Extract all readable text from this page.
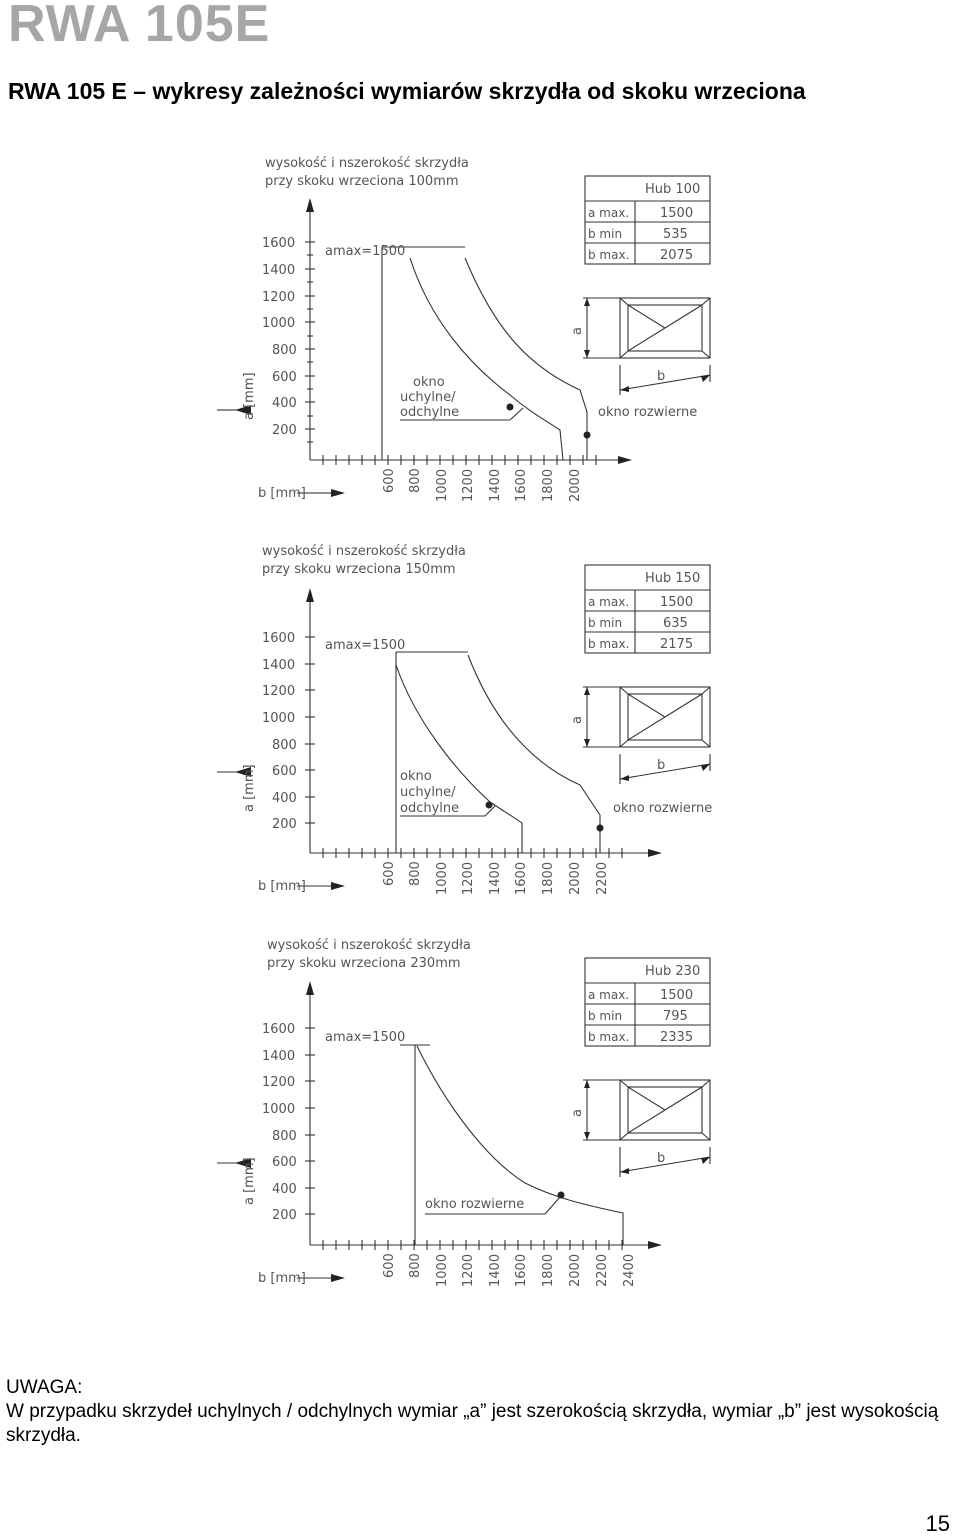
RWA 105E
RWA 105 E – wykresy zależności wymiarów skrzydła od skoku wrzeciona
wysokość i nszerokość skrzydła
przy skoku wrzeciona 100mm
a [mm]
b [mm]
amax=1500
1600
1400
1200
1000
800
600
400
200
600 800 1000 1200 1400 1600 1800 2000
okno
uchylne/
odchylne	okno rozwierne
Hub 100
a max. 1500
b min	535
b max. 2075
a
b
wysokość i nszerokość skrzydła
przy skoku wrzeciona 150mm
a [mm]
b [mm]
amax=1500
1600
1400
1200
1000
800
600
400
200
600 800 1000 1200 1400 1600 1800 2000 2200
okno
uchylne/
odchylne	okno rozwierne
Hub 150
a max. 1500
b min	635
b max. 2175
a
b
wysokość i nszerokość skrzydła
przy skoku wrzeciona 230mm
a [mm]
b [mm]
amax=1500
1600
1400
1200
1000
800
600
400
200
600 800 1000 1200 1400 1600 1800 2000 2200 2400
okno rozwierne
Hub 230
a max. 1500
b min	795
b max. 2335
a
b
UWAGA:
W przypadku skrzydeł uchylnych / odchylnych wymiar „a” jest szerokością skrzydła, wymiar „b” jest wysokością skrzydła.
15
